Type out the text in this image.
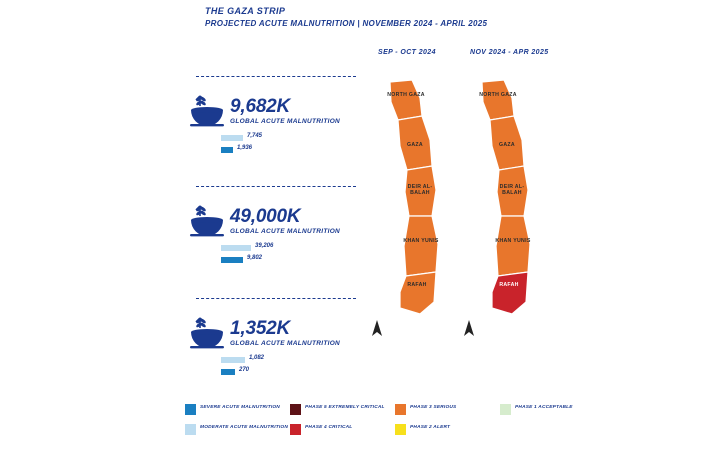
THE GAZA STRIP
PROJECTED ACUTE MALNUTRITION | NOVEMBER 2024 - APRIL 2025
SEP - OCT 2024	NOV 2024 - APR 2025
9,682K
GLOBAL ACUTE MALNUTRITION
7,745
1,936
49,000K
GLOBAL ACUTE MALNUTRITION
39,206
9,802
1,352K
GLOBAL ACUTE MALNUTRITION
1,082
270
NORTH GAZA
GAZA
DEIR AL-BALAH
KHAN YUNIS
RAFAH
NORTH GAZA
GAZA
DEIR AL-BALAH
KHAN YUNIS
RAFAH
SEVERE ACUTE MALNUTRITION
MODERATE ACUTE MALNUTRITION
PHASE 5 EXTREMELY CRITICAL
PHASE 4 CRITICAL
PHASE 3 SERIOUS
PHASE 2 ALERT
PHASE 1 ACCEPTABLE
